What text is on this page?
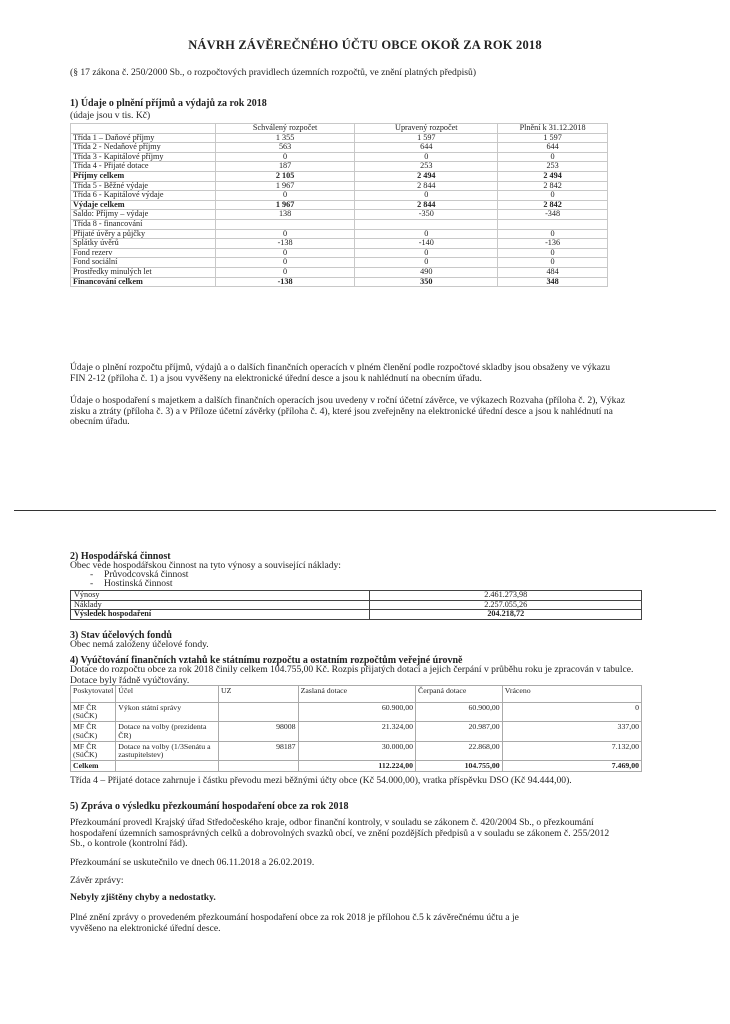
NÁVRH ZÁVĚREČNÉHO ÚČTU OBCE OKOŘ ZA ROK 2018
(§ 17 zákona č. 250/2000 Sb., o rozpočtových pravidlech územních rozpočtů, ve znění platných předpisů)
1) Údaje o plnění příjmů a výdajů za rok 2018
(údaje jsou v tis. Kč)
	Schválený rozpočet	Upravený rozpočet	Plnění k 31.12.2018
Třída 1 – Daňové příjmy	1 355	1 597	1 597
Třída 2 - Nedaňové příjmy	563	644	644
Třída 3 - Kapitálové příjmy	0	0	0
Třída 4 - Přijaté dotace	187	253	253
Příjmy celkem	2 105	2 494	2 494
Třída 5 - Běžné výdaje	1 967	2 844	2 842
Třída 6 - Kapitálové výdaje	0	0	0
Výdaje celkem	1 967	2 844	2 842
Saldo: Příjmy – výdaje	138	-350	-348
Třída 8 - financování			
Přijaté úvěry a půjčky	0	0	0
Splátky úvěrů	-138	-140	-136
Fond rezerv	0	0	0
Fond sociální	0	0	0
Prostředky minulých let	0	490	484
Financování celkem	-138	350	348
Údaje o plnění rozpočtu příjmů, výdajů a o dalších finančních operacích v plném členění podle rozpočtové skladby jsou obsaženy ve výkazu FIN 2-12 (příloha č. 1) a jsou vyvěšeny na elektronické úřední desce a jsou k nahlédnutí na obecním úřadu.
Údaje o hospodaření s majetkem a dalších finančních operacích jsou uvedeny v roční účetní závěrce, ve výkazech Rozvaha (příloha č. 2), Výkaz zisku a ztráty (příloha č. 3) a v Příloze účetní závěrky (příloha č. 4), které jsou zveřejněny na elektronické úřední desce a jsou k nahlédnutí na obecním úřadu.
2) Hospodářská činnost
Obec vede hospodářskou činnost na tyto výnosy a související náklady:
- Průvodcovská činnost
- Hostinská činnost
Výnosy	2.461.273,98
Náklady	2.257.055,26
Výsledek hospodaření	204.218,72
3) Stav účelových fondů
Obec nemá založeny účelové fondy.
4) Vyúčtování finančních vztahů ke státnímu rozpočtu a ostatním rozpočtům veřejné úrovně
Dotace do rozpočtu obce za rok 2018 činily celkem 104.755,00 Kč. Rozpis přijatých dotací a jejich čerpání v průběhu roku je zpracován v tabulce. Dotace byly řádně vyúčtovány.
Poskytovatel	Účel	UZ	Zaslaná dotace	Čerpaná dotace	Vráceno
MF ČR (SúČK)	Výkon státní správy		60.900,00	60.900,00	0
MF ČR (SúČK)	Dotace na volby (prezidenta ČR)	98008	21.324,00	20.987,00	337,00
MF ČR (SúČK)	Dotace na volby (1/3Senátu a zastupitelstev)	98187	30.000,00	22.868,00	7.132,00
Celkem			112.224,00	104.755,00	7.469,00
Třída 4 – Přijaté dotace zahrnuje i částku převodu mezi běžnými účty obce (Kč 54.000,00), vratka příspěvku DSO (Kč 94.444,00).
5) Zpráva o výsledku přezkoumání hospodaření obce za rok 2018
Přezkoumání provedl Krajský úřad Středočeského kraje, odbor finanční kontroly, v souladu se zákonem č. 420/2004 Sb., o přezkoumání hospodaření územních samosprávných celků a dobrovolných svazků obcí, ve znění pozdějších předpisů a v souladu se zákonem č. 255/2012 Sb., o kontrole (kontrolní řád).
Přezkoumání se uskutečnilo ve dnech 06.11.2018 a 26.02.2019.
Závěr zprávy:
Nebyly zjištěny chyby a nedostatky.
Plné znění zprávy o provedeném přezkoumání hospodaření obce za rok 2018 je přílohou č.5 k závěrečnému účtu a je vyvěšeno na elektronické úřední desce.
